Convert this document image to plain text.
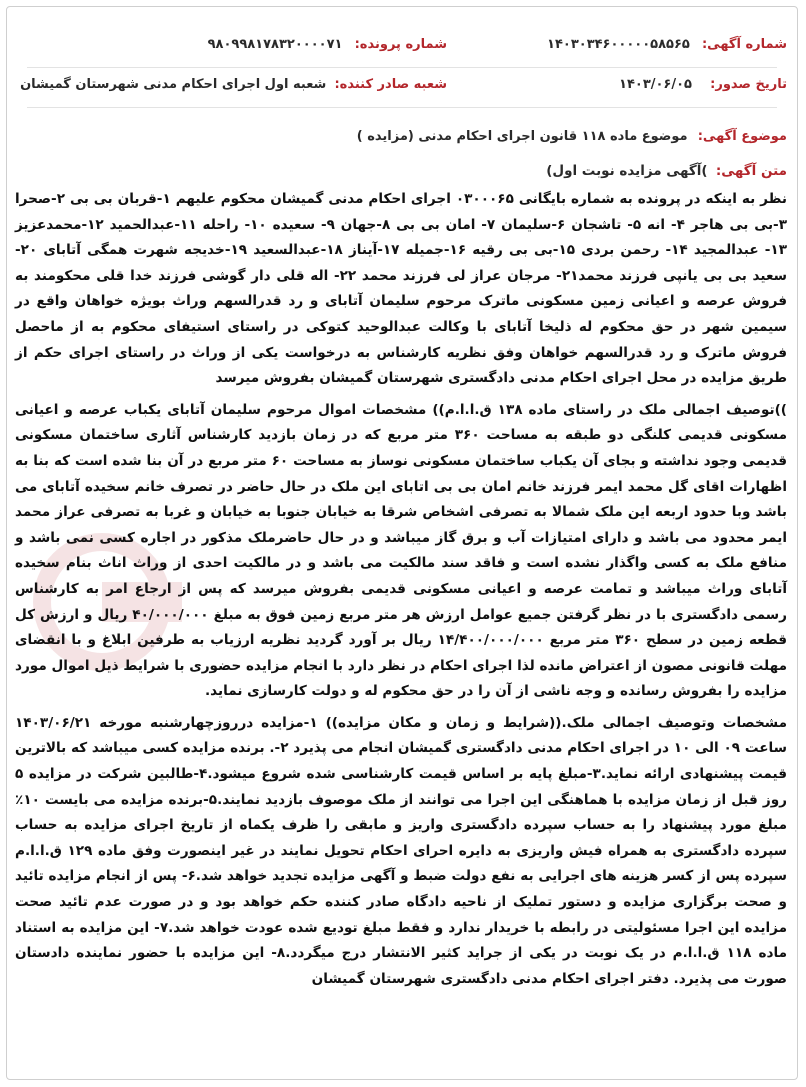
شماره آگهی: ۱۴۰۳۰۳۴۶۰۰۰۰۰۵۸۵۶۵
شماره پرونده: ۹۸۰۹۹۸۱۷۸۳۲۰۰۰۰۷۱
تاریخ صدور: ۱۴۰۳/۰۶/۰۵
شعبه صادر کننده: شعبه اول اجرای احکام مدنی شهرستان گمیشان
موضوع آگهی: موضوع ماده ۱۱۸ قانون اجرای احکام مدنی (مزایده )
متن آگهی: )آگهی مزایده نوبت اول)

نظر به اینکه در پرونده به شماره بایگانی ۰۳۰۰۰۶۵ اجرای احکام مدنی گمیشان محکوم علیهم ۱-قربان بی بی ۲-صحرا ۳-بی بی هاجر ۴- انه ۵- تاشجان ۶-سلیمان ۷- امان بی بی ۸-جهان ۹- سعیده ۱۰- راحله ۱۱-عبدالحمید ۱۲-محمدعزیز ۱۳- عبدالمجید ۱۴- رحمن بردی ۱۵-بی بی رقیه ۱۶-جمیله ۱۷-آیناز ۱۸-عبدالسعید ۱۹-خدیجه شهرت همگی آتابای ۲۰-سعید بی بی یانپی فرزند محمد۲۱- مرجان عراز لی فرزند محمد ۲۲- اله قلی دار گوشی فرزند خدا قلی محکومند به فروش عرصه و اعیانی زمین مسکونی ماترک مرحوم سلیمان آتابای و رد قدرالسهم وراث بویژه خواهان واقع در سیمین شهر در حق محکوم له ذلیخا آتابای با وکالت عبدالوحید کتوکی در راستای استیفای محکوم به از ماحصل فروش ماترک و رد قدرالسهم خواهان وفق نظریه کارشناس به درخواست یکی از وراث در راستای اجرای حکم از طریق مزایده در محل اجرای احکام مدنی دادگستری شهرستان گمیشان بفروش میرسد

))توصیف اجمالی ملک در راستای ماده ۱۳۸ ق.ا.ا.م)) مشخصات اموال مرحوم سلیمان آتابای یکباب عرصه و اعیانی مسکونی قدیمی کلنگی دو طبقه به مساحت ۳۶۰ متر مربع که در زمان بازدید کارشناس آثاری ساختمان مسکونی قدیمی وجود نداشته و بجای آن یکباب ساختمان مسکونی نوساز به مساحت ۶۰ متر مربع در آن بنا شده است که بنا به اظهارات اقای گل محمد ایمر فرزند خانم امان بی بی اتابای این ملک در حال حاضر در تصرف خانم سخیده آتابای می باشد وبا حدود اربعه این ملک شمالا به تصرفی اشخاص شرقا به خیابان جنوبا به خیابان و غربا به تصرفی عراز محمد ایمر محدود می باشد و دارای امتیازات آب و برق گاز میباشد و در حال حاضرملک مذکور در اجاره کسی نمی باشد و منافع ملک به کسی واگذار نشده است و فاقد سند مالکیت می باشد و در مالکیت احدی از وراث اناث بنام سخیده آتابای وراث میباشد و تمامت عرصه و اعیانی مسکونی قدیمی بفروش میرسد که پس از ارجاع امر به کارشناس رسمی دادگستری با در نظر گرفتن جمیع عوامل ارزش هر متر مربع زمین فوق به مبلغ ۴۰/۰۰۰/۰۰۰ ریال و ارزش کل قطعه زمین در سطح ۳۶۰ متر مربع ۱۴/۴۰۰/۰۰۰/۰۰۰ ریال بر آورد گردید نظریه ارزیاب به طرفین ابلاغ و با انقضای مهلت قانونی مصون از اعتراض مانده لذا اجرای احکام در نظر دارد با انجام مزایده حضوری با شرایط ذیل اموال مورد مزایده را بفروش رسانده و وجه ناشی از آن را در حق محکوم له و دولت کارسازی نماید.

مشخصات وتوصیف اجمالی ملک.((شرایط و زمان و مکان مزایده)) ۱-مزایده درروزچهارشنبه مورخه ۱۴۰۳/۰۶/۲۱ ساعت ۰۹ الی ۱۰ در اجرای احکام مدنی دادگستری گمیشان انجام می پذیرد ۲-. برنده مزایده کسی میباشد که بالاترین قیمت پیشنهادی ارائه نماید.۳-مبلغ پایه بر اساس قیمت کارشناسی شده شروع میشود.۴-طالبین شرکت در مزایده ۵ روز قبل از زمان مزایده با هماهنگی این اجرا می توانند از ملک موصوف بازدید نمایند.۵-برنده مزایده می بایست ۱۰٪ مبلغ مورد پیشنهاد را به حساب سپرده دادگستری واریز و مابقی را ظرف یکماه از تاریخ اجرای مزایده به حساب سپرده دادگستری به همراه فیش واریزی به دایره احرای احکام تحویل نمایند در غیر اینصورت وفق ماده ۱۲۹ ق.ا.ا.م سپرده پس از کسر هزینه های اجرایی به نفع دولت ضبط و آگهی مزایده تجدید خواهد شد.۶- پس از انجام مزایده تائید و صحت برگزاری مزایده و دستور تملیک از ناحیه دادگاه صادر کننده حکم خواهد بود و در صورت عدم تائید صحت مزایده این اجرا مسئولیتی در رابطه با خریدار ندارد و فقط مبلغ تودیع شده عودت خواهد شد.۷- این مزایده به استناد ماده ۱۱۸ ق.ا.ا.م در یک نوبت در یکی از جراید کثیر الانتشار درج میگردد.۸- این مزایده با حضور نماینده دادستان صورت می پذیرد. دفتر اجرای احکام مدنی دادگستری شهرستان گمیشان
